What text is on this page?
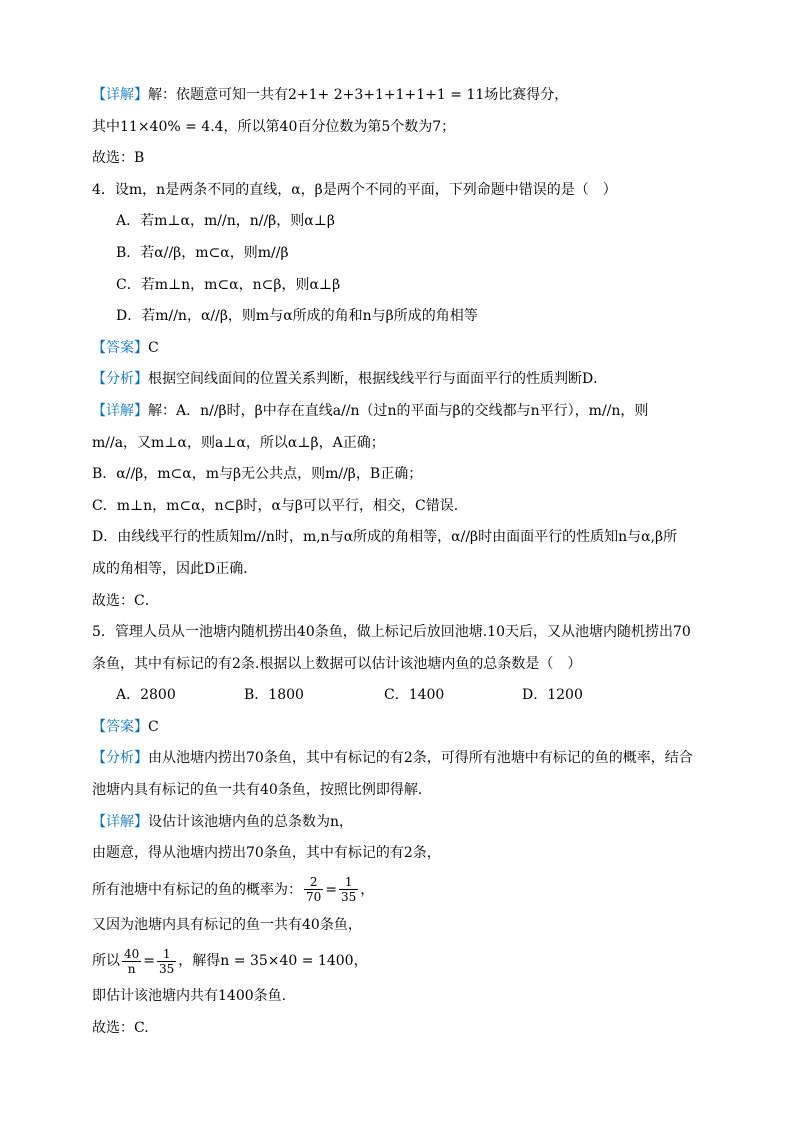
【详解】解：依题意可知一共有2+1+ 2+3+1+1+1+1 = 11场比赛得分，
其中11×40% = 4.4，所以第40百分位数为第5个数为7；
故选：B
4．设m，n是两条不同的直线，α，β是两个不同的平面，下列命题中错误的是（　）
A．若m⊥α，m//n，n//β，则α⊥β
B．若α//β，m⊂α，则m//β
C．若m⊥n，m⊂α，n⊂β，则α⊥β
D．若m//n，α//β，则m与α所成的角和n与β所成的角相等
【答案】C
【分析】根据空间线面间的位置关系判断，根据线线平行与面面平行的性质判断D．
【详解】解：A．n//β时，β中存在直线a//n（过n的平面与β的交线都与n平行），m//n，则
m//a，又m⊥α，则a⊥α，所以α⊥β，A正确；
B．α//β，m⊂α，m与β无公共点，则m//β，B正确；
C．m⊥n，m⊂α，n⊂β时，α与β可以平行，相交，C错误．
D．由线线平行的性质知m//n时，m,n与α所成的角相等，α//β时由面面平行的性质知n与α,β所
成的角相等，因此D正确．
故选：C．
5．管理人员从一池塘内随机捞出40条鱼，做上标记后放回池塘.10天后，又从池塘内随机捞出70
条鱼，其中有标记的有2条.根据以上数据可以估计该池塘内鱼的总条数是（　）
A．2800	B．1800	C．1400	D．1200
【答案】C
【分析】由从池塘内捞出70条鱼，其中有标记的有2条，可得所有池塘中有标记的鱼的概率，结合
池塘内具有标记的鱼一共有40条鱼，按照比例即得解.
【详解】设估计该池塘内鱼的总条数为n，
由题意，得从池塘内捞出70条鱼，其中有标记的有2条，
所有池塘中有标记的鱼的概率为： $\frac{2}{70} = \frac{1}{35}$ ，
又因为池塘内具有标记的鱼一共有40条鱼，
所以 $\frac{40}{n} = \frac{1}{35}$ ，解得n = 35×40 = 1400，
即估计该池塘内共有1400条鱼.
故选：C.
